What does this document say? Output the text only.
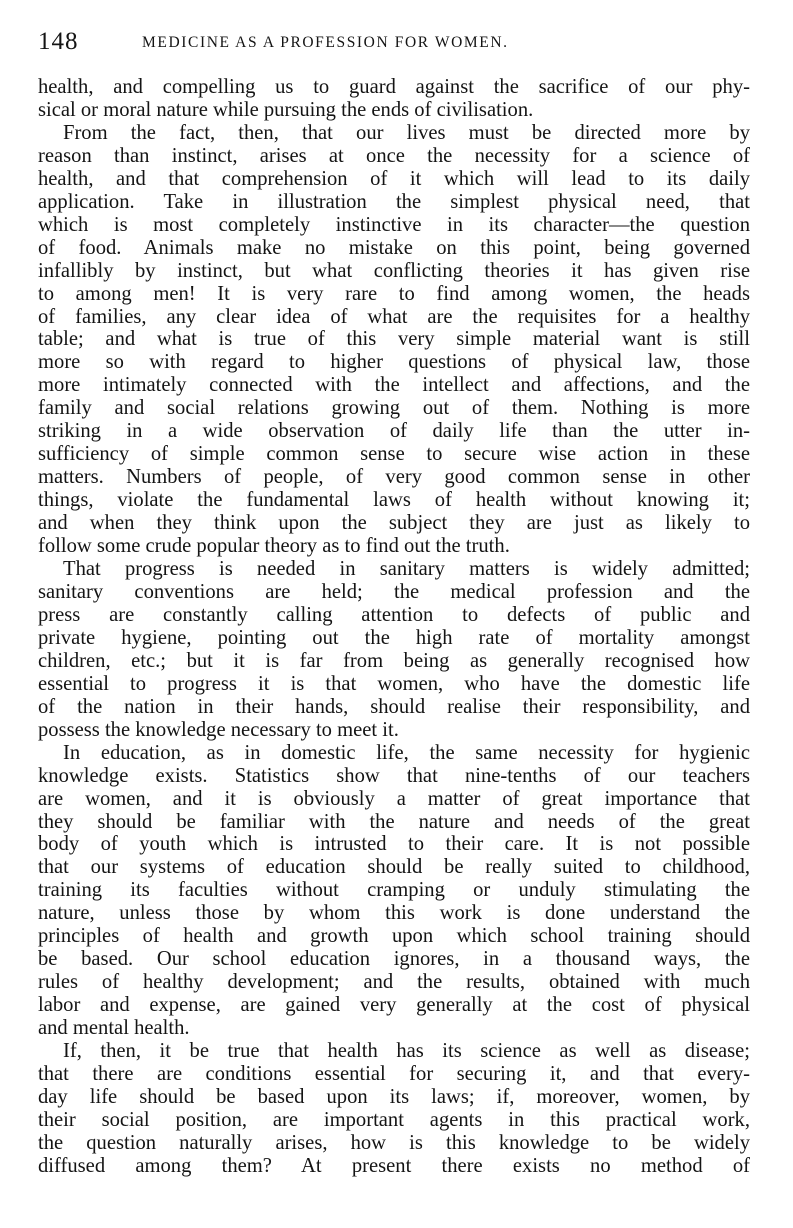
148	MEDICINE AS A PROFESSION FOR WOMEN.
health, and compelling us to guard against the sacrifice of our phy-
sical or moral nature while pursuing the ends of civilisation.
From the fact, then, that our lives must be directed more by
reason than instinct, arises at once the necessity for a science of
health, and that comprehension of it which will lead to its daily
application. Take in illustration the simplest physical need, that
which is most completely instinctive in its character—the question
of food. Animals make no mistake on this point, being governed
infallibly by instinct, but what conflicting theories it has given rise
to among men! It is very rare to find among women, the heads
of families, any clear idea of what are the requisites for a healthy
table; and what is true of this very simple material want is still
more so with regard to higher questions of physical law, those
more intimately connected with the intellect and affections, and the
family and social relations growing out of them. Nothing is more
striking in a wide observation of daily life than the utter in-
sufficiency of simple common sense to secure wise action in these
matters. Numbers of people, of very good common sense in other
things, violate the fundamental laws of health without knowing it;
and when they think upon the subject they are just as likely to
follow some crude popular theory as to find out the truth.
That progress is needed in sanitary matters is widely admitted;
sanitary conventions are held; the medical profession and the
press are constantly calling attention to defects of public and
private hygiene, pointing out the high rate of mortality amongst
children, etc.; but it is far from being as generally recognised how
essential to progress it is that women, who have the domestic life
of the nation in their hands, should realise their responsibility, and
possess the knowledge necessary to meet it.
In education, as in domestic life, the same necessity for hygienic
knowledge exists. Statistics show that nine-tenths of our teachers
are women, and it is obviously a matter of great importance that
they should be familiar with the nature and needs of the great
body of youth which is intrusted to their care. It is not possible
that our systems of education should be really suited to childhood,
training its faculties without cramping or unduly stimulating the
nature, unless those by whom this work is done understand the
principles of health and growth upon which school training should
be based. Our school education ignores, in a thousand ways, the
rules of healthy development; and the results, obtained with much
labor and expense, are gained very generally at the cost of physical
and mental health.
If, then, it be true that health has its science as well as disease;
that there are conditions essential for securing it, and that every-
day life should be based upon its laws; if, moreover, women, by
their social position, are important agents in this practical work,
the question naturally arises, how is this knowledge to be widely
diffused among them? At present there exists no method of
